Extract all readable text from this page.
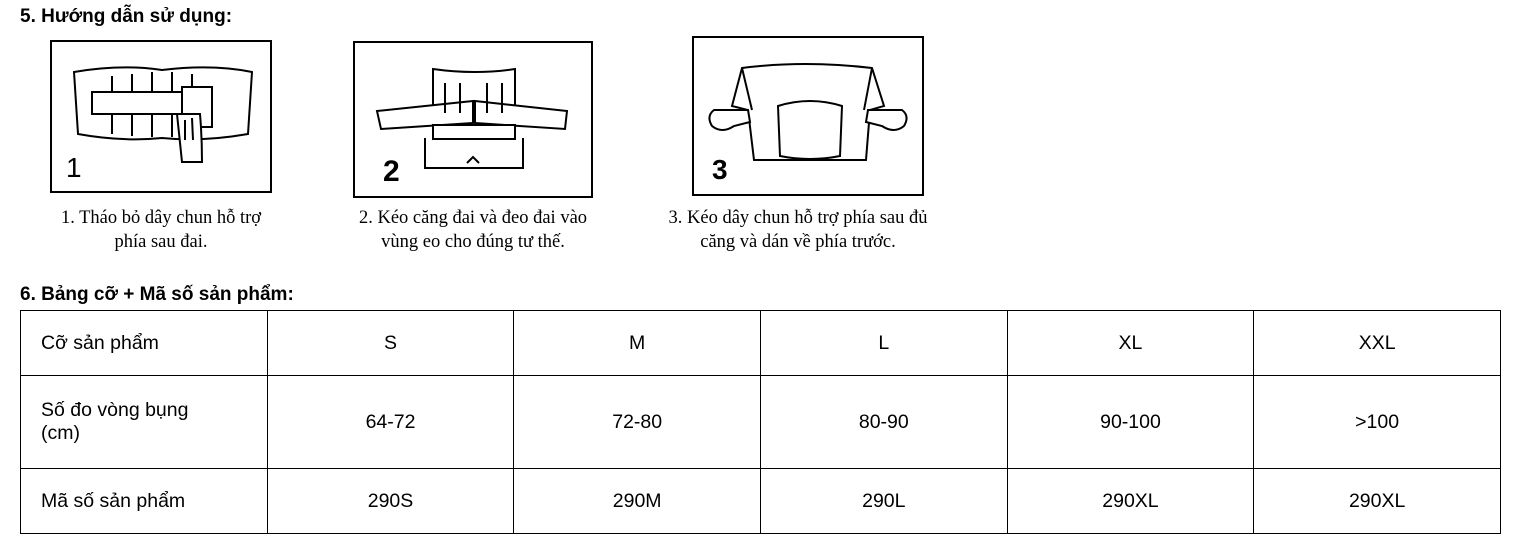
5. Hướng dẫn sử dụng:
1	2	3
1. Tháo bỏ dây chun hỗ trợ
phía sau đai.
2. Kéo căng đai và đeo đai vào
vùng eo cho đúng tư thế.
3. Kéo dây chun hỗ trợ phía sau đủ
căng và dán về phía trước.
6. Bảng cỡ + Mã số sản phẩm:
Cỡ sản phẩm	S	M	L	XL	XXL

Số đo vòng bụng
(cm)	64-72	72-80	80-90	90-100	>100
Mã số sản phẩm	290S	290M	290L	290XL	290XL
